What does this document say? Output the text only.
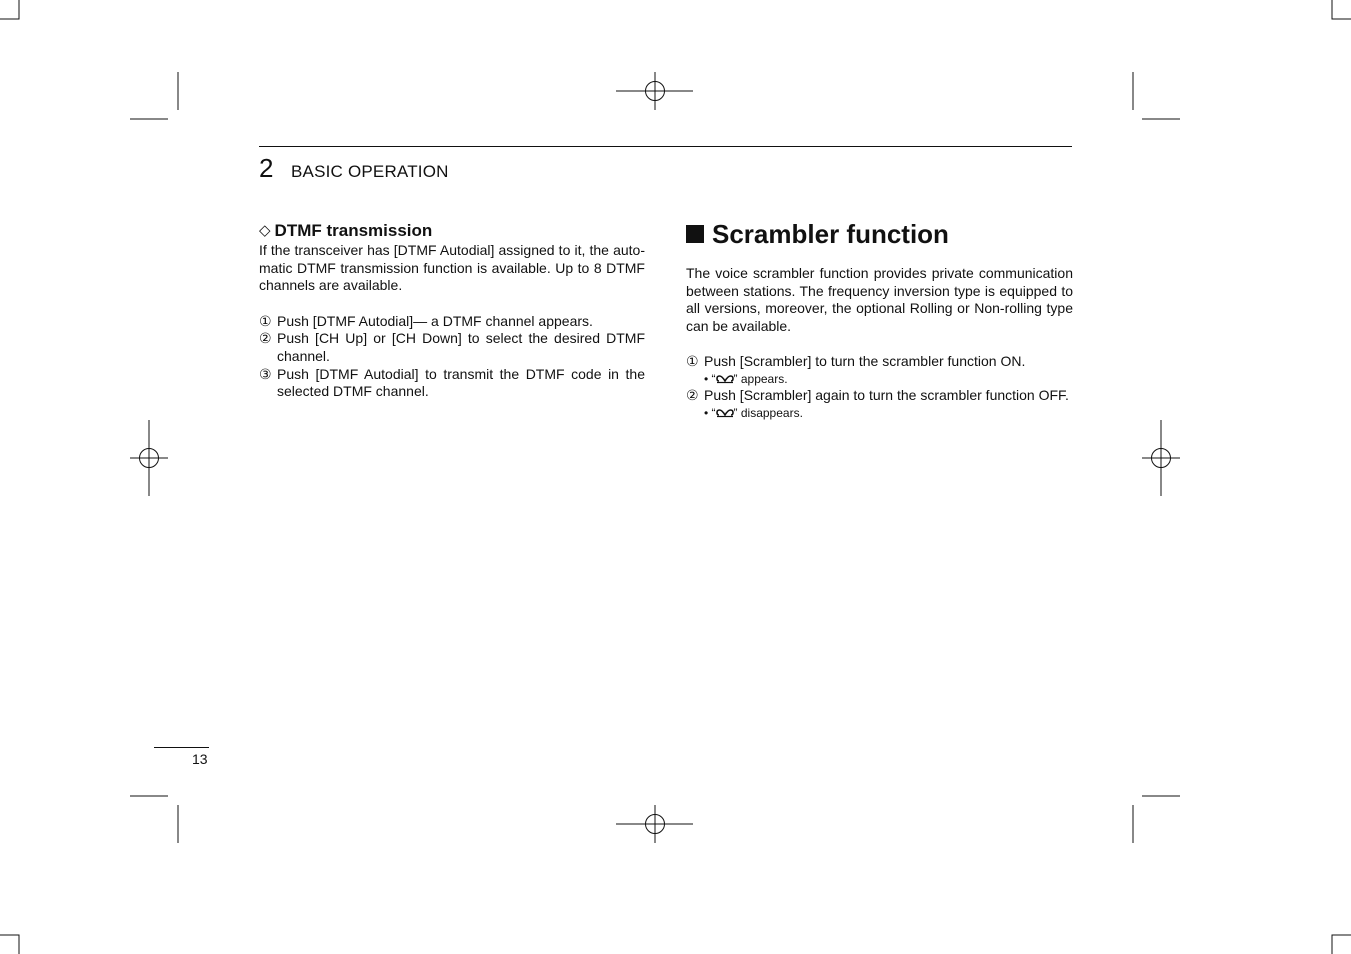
2 BASIC OPERATION
◇ DTMF transmission

If the transceiver has [DTMF Autodial] assigned to it, the auto-matic DTMF transmission function is available. Up to 8 DTMF channels are available.

① Push [DTMF Autodial]— a DTMF channel appears.
② Push [CH Up] or [CH Down] to select the desired DTMF channel.
③ Push [DTMF Autodial] to transmit the DTMF code in the selected DTMF channel.
Scrambler function

The voice scrambler function provides private communication between stations. The frequency inversion type is equipped to all versions, moreover, the optional Rolling or Non-rolling type can be available.

① Push [Scrambler] to turn the scrambler function ON.
• “ ” appears.
② Push [Scrambler] again to turn the scrambler function OFF.
• “ ” disappears.
13
